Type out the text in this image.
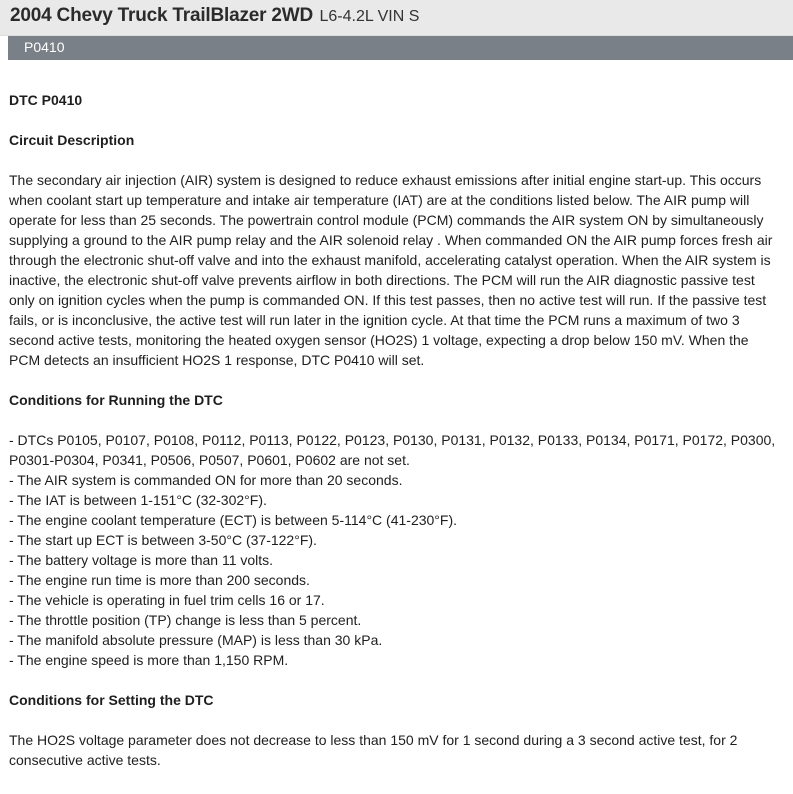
2004 Chevy Truck TrailBlazer 2WD L6-4.2L VIN S
P0410

DTC P0410

Circuit Description

The secondary air injection (AIR) system is designed to reduce exhaust emissions after initial engine start-up. This occurs when coolant start up temperature and intake air temperature (IAT) are at the conditions listed below. The AIR pump will operate for less than 25 seconds. The powertrain control module (PCM) commands the AIR system ON by simultaneously supplying a ground to the AIR pump relay and the AIR solenoid relay . When commanded ON the AIR pump forces fresh air through the electronic shut-off valve and into the exhaust manifold, accelerating catalyst operation. When the AIR system is inactive, the electronic shut-off valve prevents airflow in both directions. The PCM will run the AIR diagnostic passive test only on ignition cycles when the pump is commanded ON. If this test passes, then no active test will run. If the passive test fails, or is inconclusive, the active test will run later in the ignition cycle. At that time the PCM runs a maximum of two 3 second active tests, monitoring the heated oxygen sensor (HO2S) 1 voltage, expecting a drop below 150 mV. When the PCM detects an insufficient HO2S 1 response, DTC P0410 will set.

Conditions for Running the DTC

- DTCs P0105, P0107, P0108, P0112, P0113, P0122, P0123, P0130, P0131, P0132, P0133, P0134, P0171, P0172, P0300, P0301-P0304, P0341, P0506, P0507, P0601, P0602 are not set.
- The AIR system is commanded ON for more than 20 seconds.
- The IAT is between 1-151°C (32-302°F).
- The engine coolant temperature (ECT) is between 5-114°C (41-230°F).
- The start up ECT is between 3-50°C (37-122°F).
- The battery voltage is more than 11 volts.
- The engine run time is more than 200 seconds.
- The vehicle is operating in fuel trim cells 16 or 17.
- The throttle position (TP) change is less than 5 percent.
- The manifold absolute pressure (MAP) is less than 30 kPa.
- The engine speed is more than 1,150 RPM.

Conditions for Setting the DTC

The HO2S voltage parameter does not decrease to less than 150 mV for 1 second during a 3 second active test, for 2 consecutive active tests.
